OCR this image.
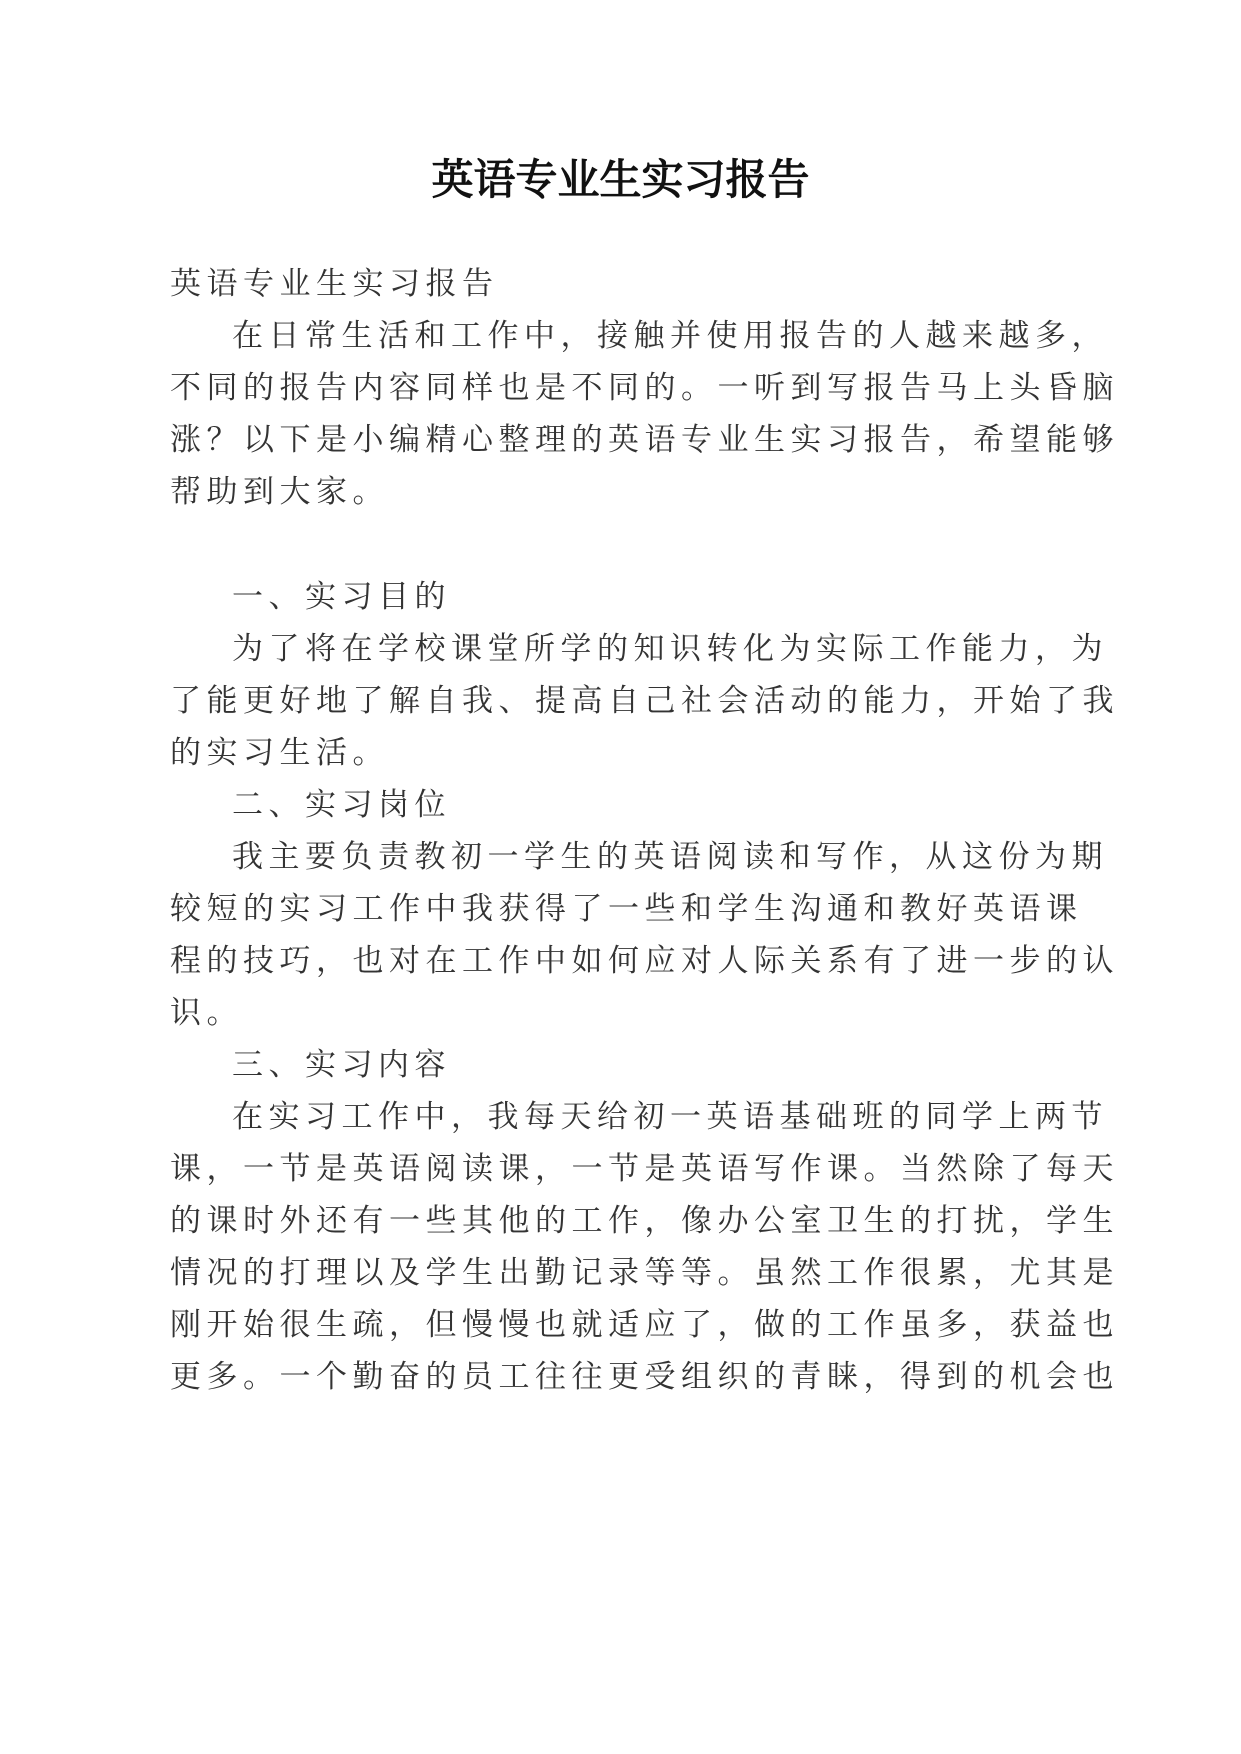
英语专业生实习报告

英语专业生实习报告

在日常生活和工作中，接触并使用报告的人越来越多，

不同的报告内容同样也是不同的。一听到写报告马上头昏脑

涨？以下是小编精心整理的英语专业生实习报告，希望能够

帮助到大家。

一、实习目的

为了将在学校课堂所学的知识转化为实际工作能力，为

了能更好地了解自我、提高自己社会活动的能力，开始了我

的实习生活。

二、实习岗位

我主要负责教初一学生的英语阅读和写作，从这份为期

较短的实习工作中我获得了一些和学生沟通和教好英语课

程的技巧，也对在工作中如何应对人际关系有了进一步的认

识。

三、实习内容

在实习工作中，我每天给初一英语基础班的同学上两节

课，一节是英语阅读课，一节是英语写作课。当然除了每天

的课时外还有一些其他的工作，像办公室卫生的打扰，学生

情况的打理以及学生出勤记录等等。虽然工作很累，尤其是

刚开始很生疏，但慢慢也就适应了，做的工作虽多，获益也

更多。一个勤奋的员工往往更受组织的青睐，得到的机会也
